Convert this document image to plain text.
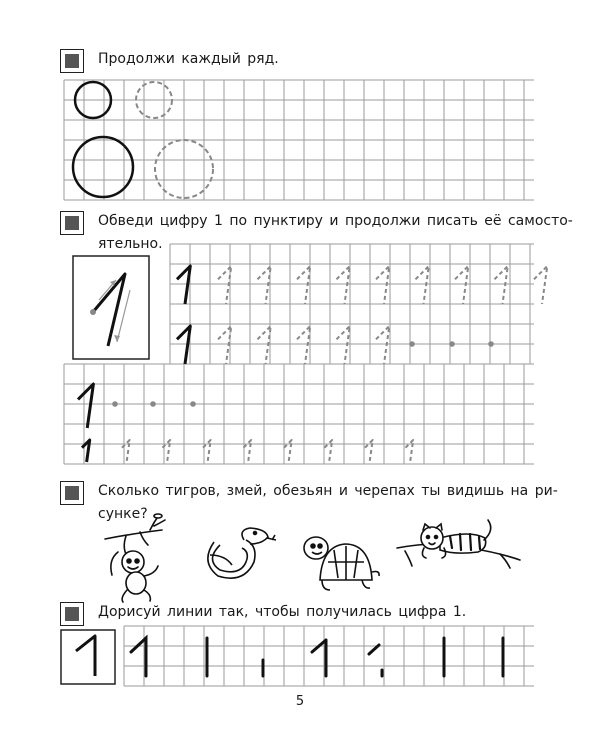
Продолжи каждый ряд.

Обведи цифру 1 по пунктиру и продолжи писать её самосто-
ятельно.

Сколько тигров, змей, обезьян и черепах ты видишь на ри-
сунке?

Дорисуй линии так, чтобы получилась цифра 1.

5
